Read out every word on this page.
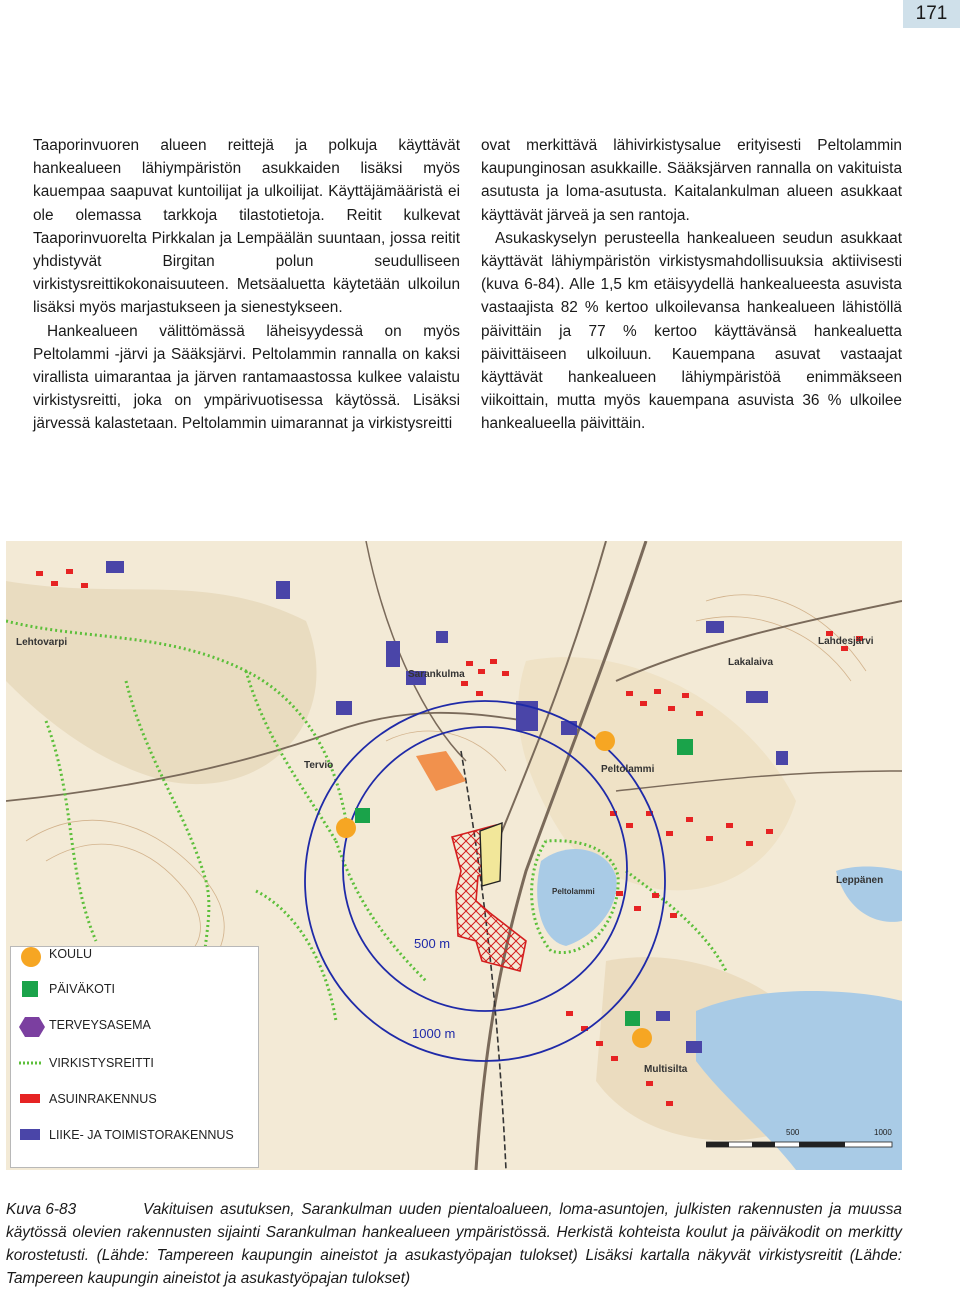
171

Taaporinvuoren alueen reittejä ja polkuja käyttävät hankealueen lähiympäristön asukkaiden lisäksi myös kauempaa saapuvat kuntoilijat ja ulkoilijat. Käyttäjämääristä ei ole olemassa tarkkoja tilastotietoja. Reitit kulkevat Taaporinvuorelta Pirkkalan ja Lempäälän suuntaan, jossa reitit yhdistyvät Birgitan polun seudulliseen virkistysreittikokonaisuuteen. Metsäaluetta käytetään ulkoilun lisäksi myös marjastukseen ja sienestykseen.

Hankealueen välittömässä läheisyydessä on myös Peltolammi -järvi ja Sääksjärvi. Peltolammin rannalla on kaksi virallista uimarantaa ja järven rantamaastossa kulkee valaistu virkistysreitti, joka on ympärivuotisessa käytössä. Lisäksi järvessä kalastetaan. Peltolammin uimarannat ja virkistysreitti

ovat merkittävä lähivirkistysalue erityisesti Peltolammin kaupunginosan asukkaille. Sääksjärven rannalla on vakituista asutusta ja loma-asutusta. Kaitalankulman alueen asukkaat käyttävät järveä ja sen rantoja.

Asukaskyselyn perusteella hankealueen seudun asukkaat käyttävät lähiympäristön virkistysmahdollisuuksia aktiivisesti (kuva 6-84). Alle 1,5 km etäisyydellä hankealueesta asuvista vastaajista 82 % kertoo ulkoilevansa hankealueen lähistöllä päivittäin ja 77 % kertoo käyttävänsä hankealuetta päivittäiseen ulkoiluun. Kauempana asuvat vastaajat käyttävät hankealueen lähiympäristöä enimmäkseen viikoittain, mutta myös kauempana asuvista 36 % ulkoilee hankealueella päivittäin.

Lehtovarpi
Sarankulma
Lakalaiva
Lahdesjärvi
Peltolammi
Tervio
Peltolammi
Leppänen
Multisilta
500 m
1000 m
KOULU
PÄIVÄKOTI
TERVEYSASEMA
VIRKISTYSREITTI
ASUINRAKENNUS
LIIKE- JA TOIMISTORAKENNUS	500	1000
Kuva 6-83	Vakituisen asutuksen, Sarankulman uuden pientaloalueen, loma-asuntojen, julkisten rakennusten ja muussa käytössä olevien rakennusten sijainti Sarankulman hankealueen ympäristössä. Herkistä kohteista koulut ja päiväkodit on merkitty korostetusti. (Lähde: Tampereen kaupungin aineistot ja asukastyöpajan tulokset) Lisäksi kartalla näkyvät virkistysreitit (Lähde: Tampereen kaupungin aineistot ja asukastyöpajan tulokset)
